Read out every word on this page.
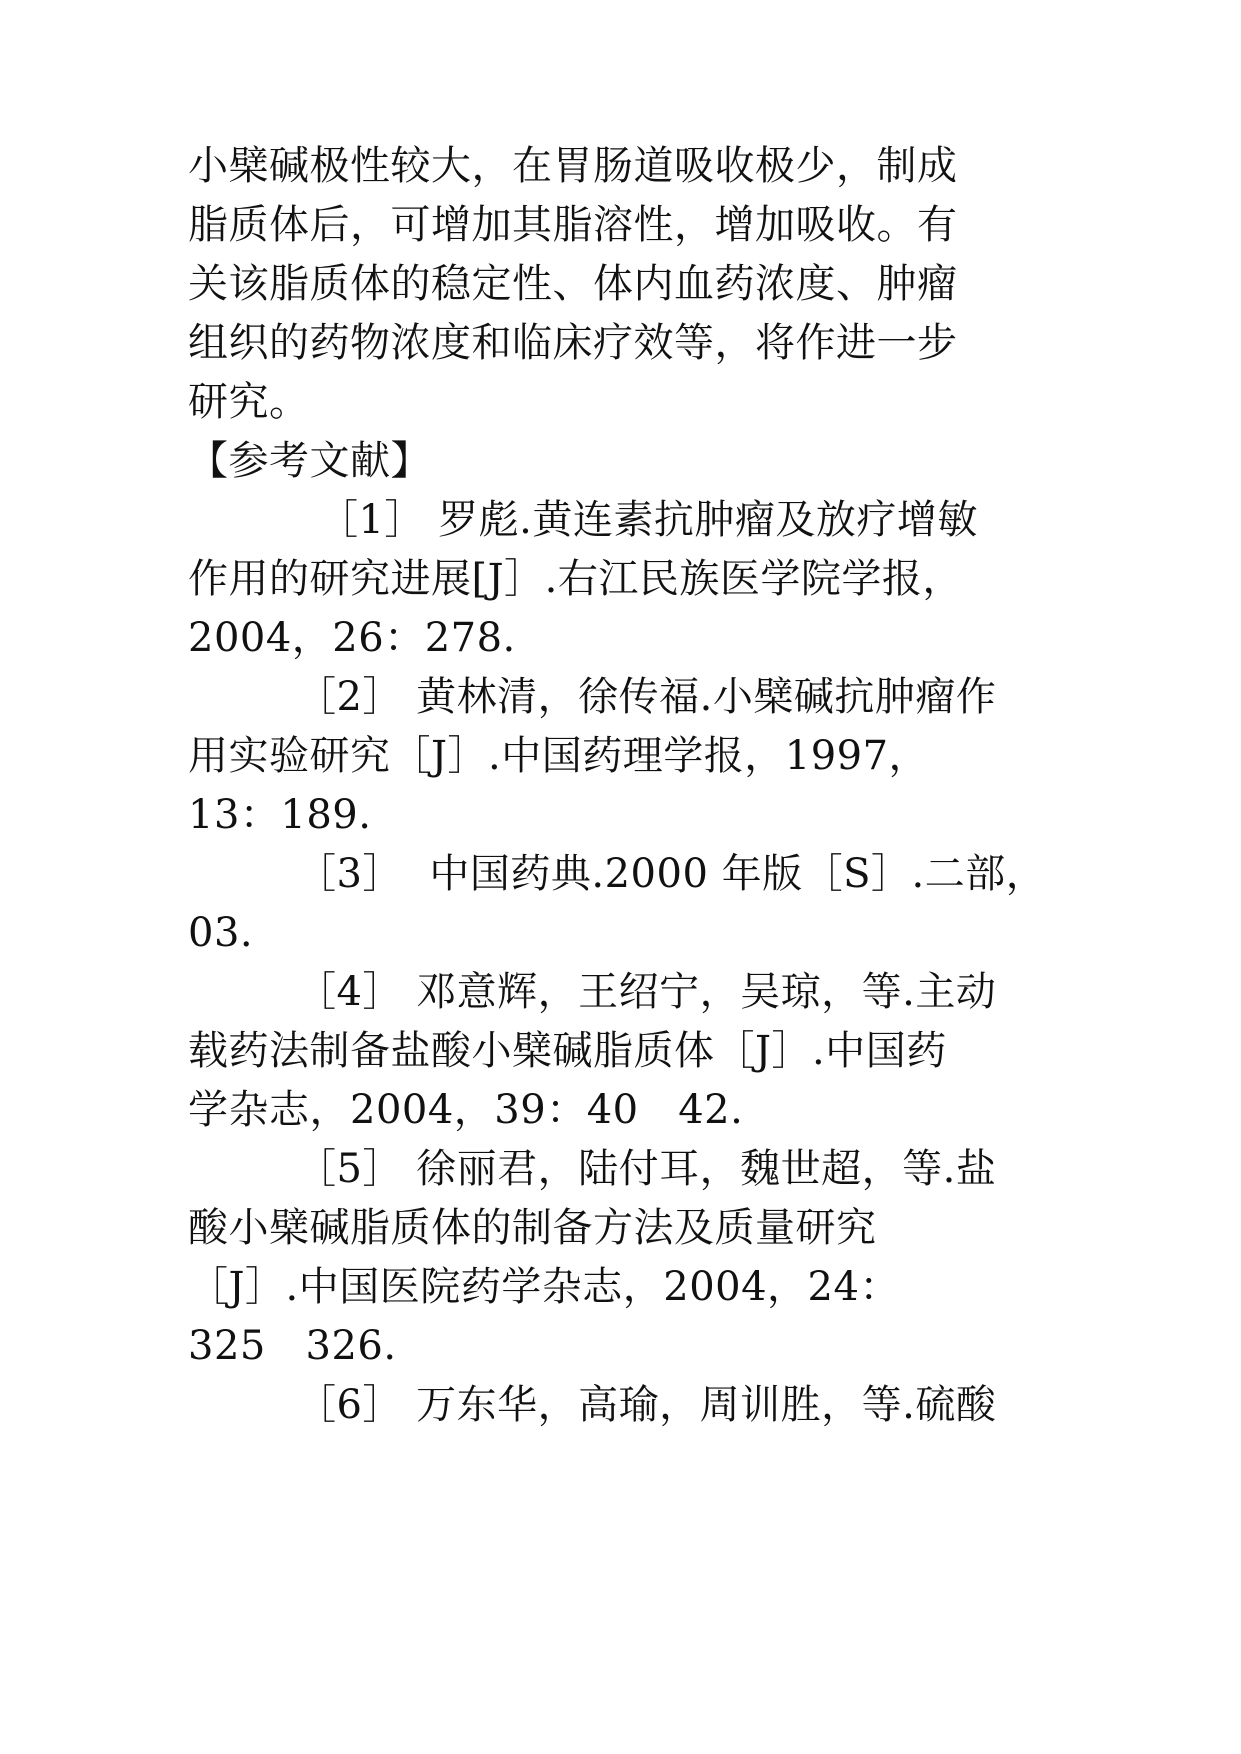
小檗碱极性较大，在胃肠道吸收极少，制成

脂质体后，可增加其脂溶性，增加吸收。有

关该脂质体的稳定性、体内血药浓度、肿瘤

组织的药物浓度和临床疗效等，将作进一步

研究。

【参考文献】

［1］ 罗彪.黄连素抗肿瘤及放疗增敏

作用的研究进展[J］.右江民族医学院学报，

2004，26：278.

［2］ 黄林清，徐传福.小檗碱抗肿瘤作

用实验研究［J］.中国药理学报，1997，

13：189.

［3］  中国药典.2000 年版［S］.二部，

03.

［4］ 邓意辉，王绍宁，吴琼，等.主动

载药法制备盐酸小檗碱脂质体［J］.中国药

学杂志，2004，39：40   42.

［5］ 徐丽君，陆付耳，魏世超，等.盐

酸小檗碱脂质体的制备方法及质量研究

［J］.中国医院药学杂志，2004，24：

325   326.

［6］ 万东华，高瑜，周训胜，等.硫酸
